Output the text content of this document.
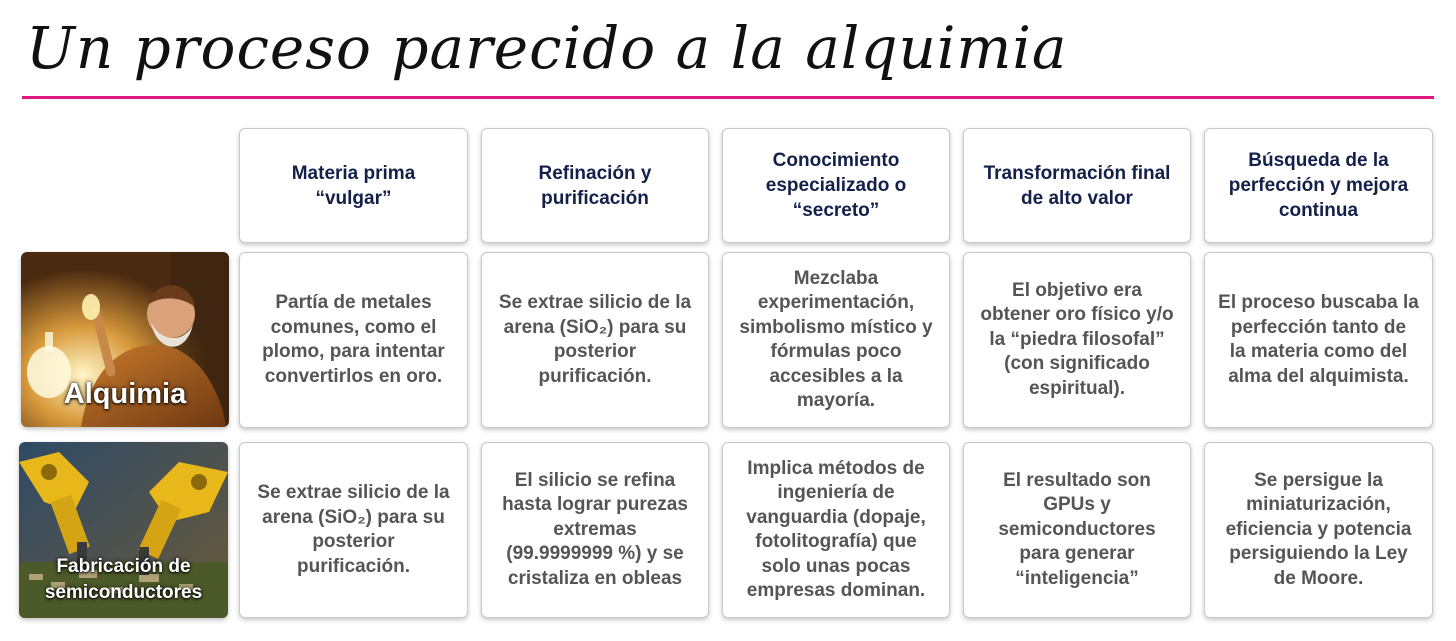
Un proceso parecido a la alquimia
Materia prima
“vulgar”
Refinación y
purificación
Conocimiento
especializado o
“secreto”
Transformación final
de alto valor
Búsqueda de la
perfección y mejora
continua
Alquimia
Partía de metales
comunes, como el
plomo, para intentar
convertirlos en oro.
Se extrae silicio de la
arena (SiO₂) para su
posterior
purificación.
Mezclaba
experimentación,
simbolismo místico y
fórmulas poco
accesibles a la
mayoría.
El objetivo era
obtener oro físico y/o
la “piedra filosofal”
(con significado
espiritual).
El proceso buscaba la
perfección tanto de
la materia como del
alma del alquimista.
Fabricación de
semiconductores
Se extrae silicio de la
arena (SiO₂) para su
posterior
purificación.
El silicio se refina
hasta lograr purezas
extremas
(99.9999999 %) y se
cristaliza en obleas
Implica métodos de
ingeniería de
vanguardia (dopaje,
fotolitografía) que
solo unas pocas
empresas dominan.
El resultado son
GPUs y
semiconductores
para generar
“inteligencia”
Se persigue la
miniaturización,
eficiencia y potencia
persiguiendo la Ley
de Moore.
